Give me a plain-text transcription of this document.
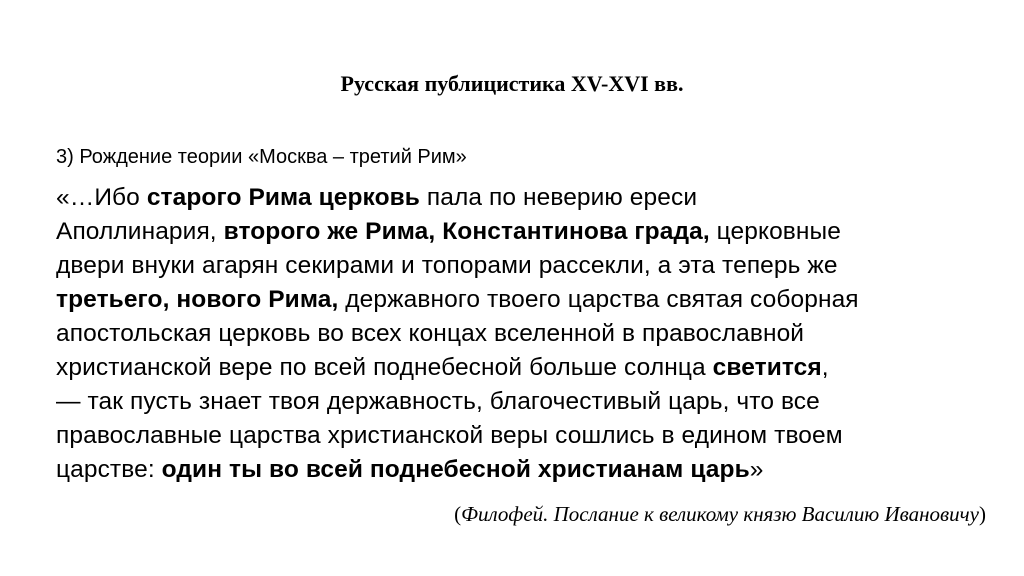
Русская публицистика XV-XVI вв.
3) Рождение теории «Москва – третий Рим»
«…Ибо старого Рима церковь пала по неверию ереси
Аполлинария, второго же Рима, Константинова града, церковные
двери внуки агарян секирами и топорами рассекли, а эта теперь же
третьего, нового Рима, державного твоего царства святая соборная
апостольская церковь во всех концах вселенной в православной
христианской вере по всей поднебесной больше солнца светится,
— так пусть знает твоя державность, благочестивый царь, что все
православные царства христианской веры сошлись в едином твоем
царстве: один ты во всей поднебесной христианам царь»
(Филофей. Послание к великому князю Василию Ивановичу)
